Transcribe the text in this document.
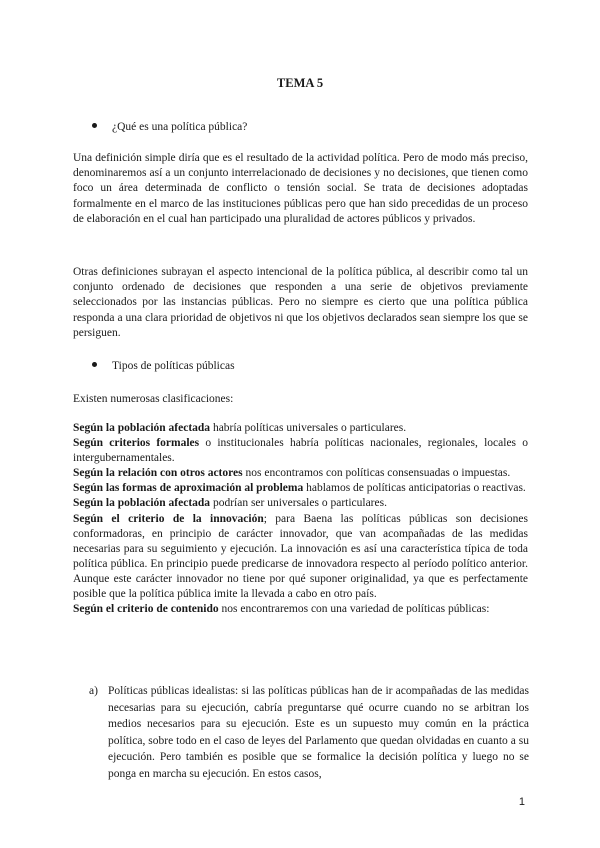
TEMA 5
¿Qué es una política pública?
Una definición simple diría que es el resultado de la actividad política. Pero de modo más preciso, denominaremos así a un conjunto interrelacionado de decisiones y no decisiones, que tienen como foco un área determinada de conflicto o tensión social. Se trata de decisiones adoptadas formalmente en el marco de las instituciones públicas pero que han sido precedidas de un proceso de elaboración en el cual han participado una pluralidad de actores públicos y privados.
Otras definiciones subrayan el aspecto intencional de la política pública, al describir como tal un conjunto ordenado de decisiones que responden a una serie de objetivos previamente seleccionados por las instancias públicas. Pero no siempre es cierto que una política pública responda a una clara prioridad de objetivos ni que los objetivos declarados sean siempre los que se persiguen.
Tipos de políticas públicas
Existen numerosas clasificaciones:

Según la población afectada habría políticas universales o particulares.

Según criterios formales o institucionales habría políticas nacionales, regionales, locales o intergubernamentales.

Según la relación con otros actores nos encontramos con políticas consensuadas o impuestas.

Según las formas de aproximación al problema hablamos de políticas anticipatorias o reactivas.

Según la población afectada podrían ser universales o particulares.

Según el criterio de la innovación; para Baena las políticas públicas son decisiones conformadoras, en principio de carácter innovador, que van acompañadas de las medidas necesarias para su seguimiento y ejecución. La innovación es así una característica típica de toda política pública. En principio puede predicarse de innovadora respecto al período político anterior. Aunque este carácter innovador no tiene por qué suponer originalidad, ya que es perfectamente posible que la política pública imite la llevada a cabo en otro país.

Según el criterio de contenido nos encontraremos con una variedad de políticas públicas:

a) Políticas públicas idealistas: si las políticas públicas han de ir acompañadas de las medidas necesarias para su ejecución, cabría preguntarse qué ocurre cuando no se arbitran los medios necesarios para su ejecución. Este es un supuesto muy común en la práctica política, sobre todo en el caso de leyes del Parlamento que quedan olvidadas en cuanto a su ejecución. Pero también es posible que se formalice la decisión política y luego no se ponga en marcha su ejecución. En estos casos,
1
